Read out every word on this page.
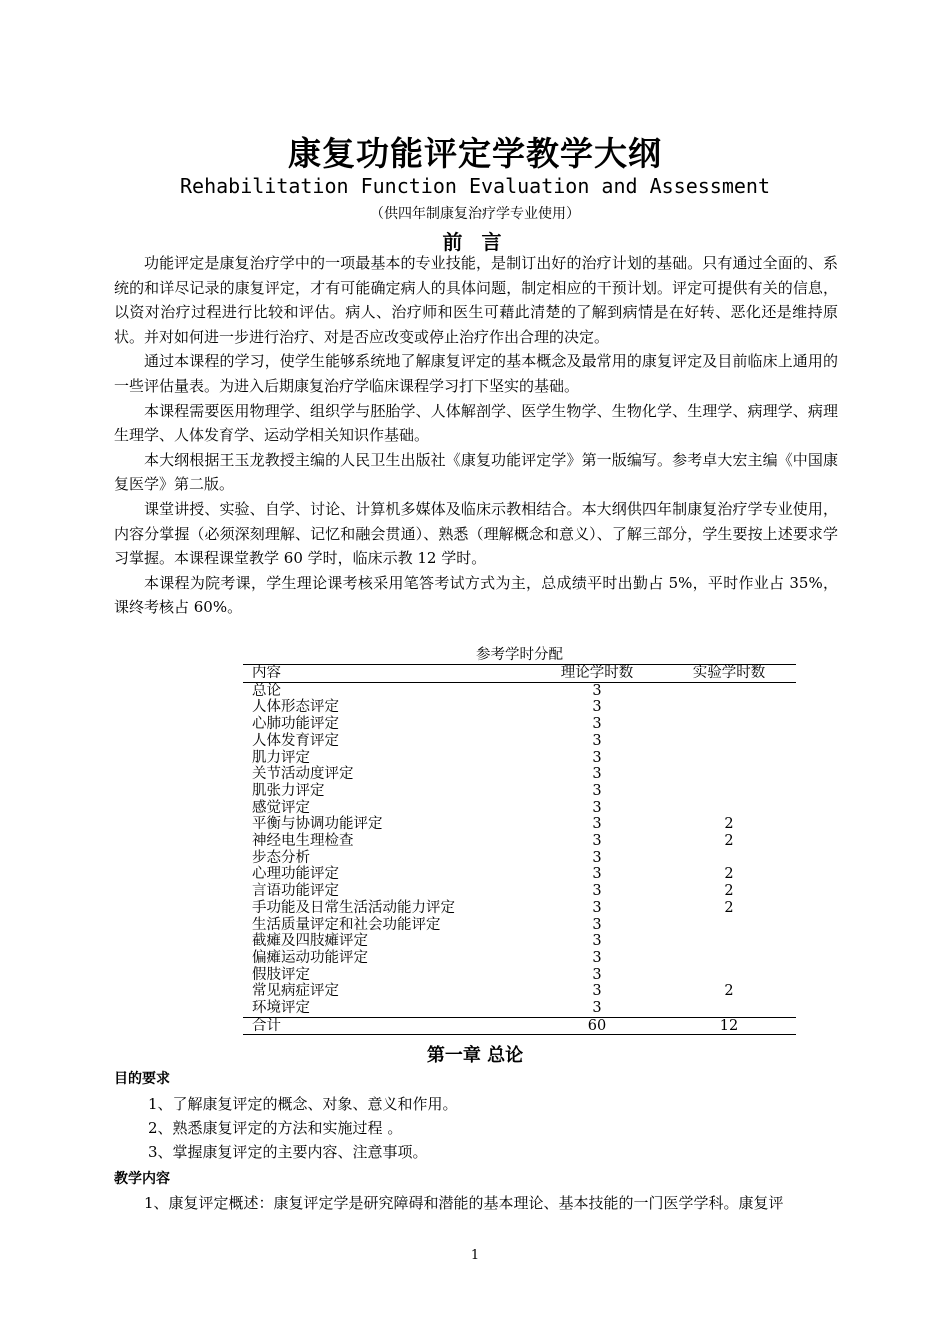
康复功能评定学教学大纲
Rehabilitation Function Evaluation and Assessment
（供四年制康复治疗学专业使用）
前 言

功能评定是康复治疗学中的一项最基本的专业技能，是制订出好的治疗计划的基础。只有通过全面的、系统的和详尽记录的康复评定，才有可能确定病人的具体问题，制定相应的干预计划。评定可提供有关的信息，以资对治疗过程进行比较和评估。病人、治疗师和医生可藉此清楚的了解到病情是在好转、恶化还是维持原状。并对如何进一步进行治疗、对是否应改变或停止治疗作出合理的决定。

通过本课程的学习，使学生能够系统地了解康复评定的基本概念及最常用的康复评定及目前临床上通用的一些评估量表。为进入后期康复治疗学临床课程学习打下坚实的基础。

本课程需要医用物理学、组织学与胚胎学、人体解剖学、医学生物学、生物化学、生理学、病理学、病理生理学、人体发育学、运动学相关知识作基础。

本大纲根据王玉龙教授主编的人民卫生出版社《康复功能评定学》第一版编写。参考卓大宏主编《中国康复医学》第二版。

课堂讲授、实验、自学、讨论、计算机多媒体及临床示教相结合。本大纲供四年制康复治疗学专业使用，内容分掌握（必须深刻理解、记忆和融会贯通）、熟悉（理解概念和意义）、了解三部分，学生要按上述要求学习掌握。本课程课堂教学 60 学时，临床示教 12 学时。

本课程为院考课，学生理论课考核采用笔答考试方式为主，总成绩平时出勤占 5%，平时作业占 35%，课终考核占 60%。

参考学时分配
内容	理论学时数	实验学时数
总论	3	
人体形态评定	3	
心肺功能评定	3	
人体发育评定	3	
肌力评定	3	
关节活动度评定	3	
肌张力评定	3	
感觉评定	3	
平衡与协调功能评定	3	2
神经电生理检查	3	2
步态分析	3	
心理功能评定	3	2
言语功能评定	3	2
手功能及日常生活活动能力评定	3	2
生活质量评定和社会功能评定	3	
截瘫及四肢瘫评定	3	
偏瘫运动功能评定	3	
假肢评定	3	
常见病症评定	3	2
环境评定	3	
合计	60	12
第一章 总论
目的要求
1、了解康复评定的概念、对象、意义和作用。
2、熟悉康复评定的方法和实施过程 。
3、掌握康复评定的主要内容、注意事项。
教学内容
1、康复评定概述：康复评定学是研究障碍和潜能的基本理论、基本技能的一门医学学科。康复评
1
